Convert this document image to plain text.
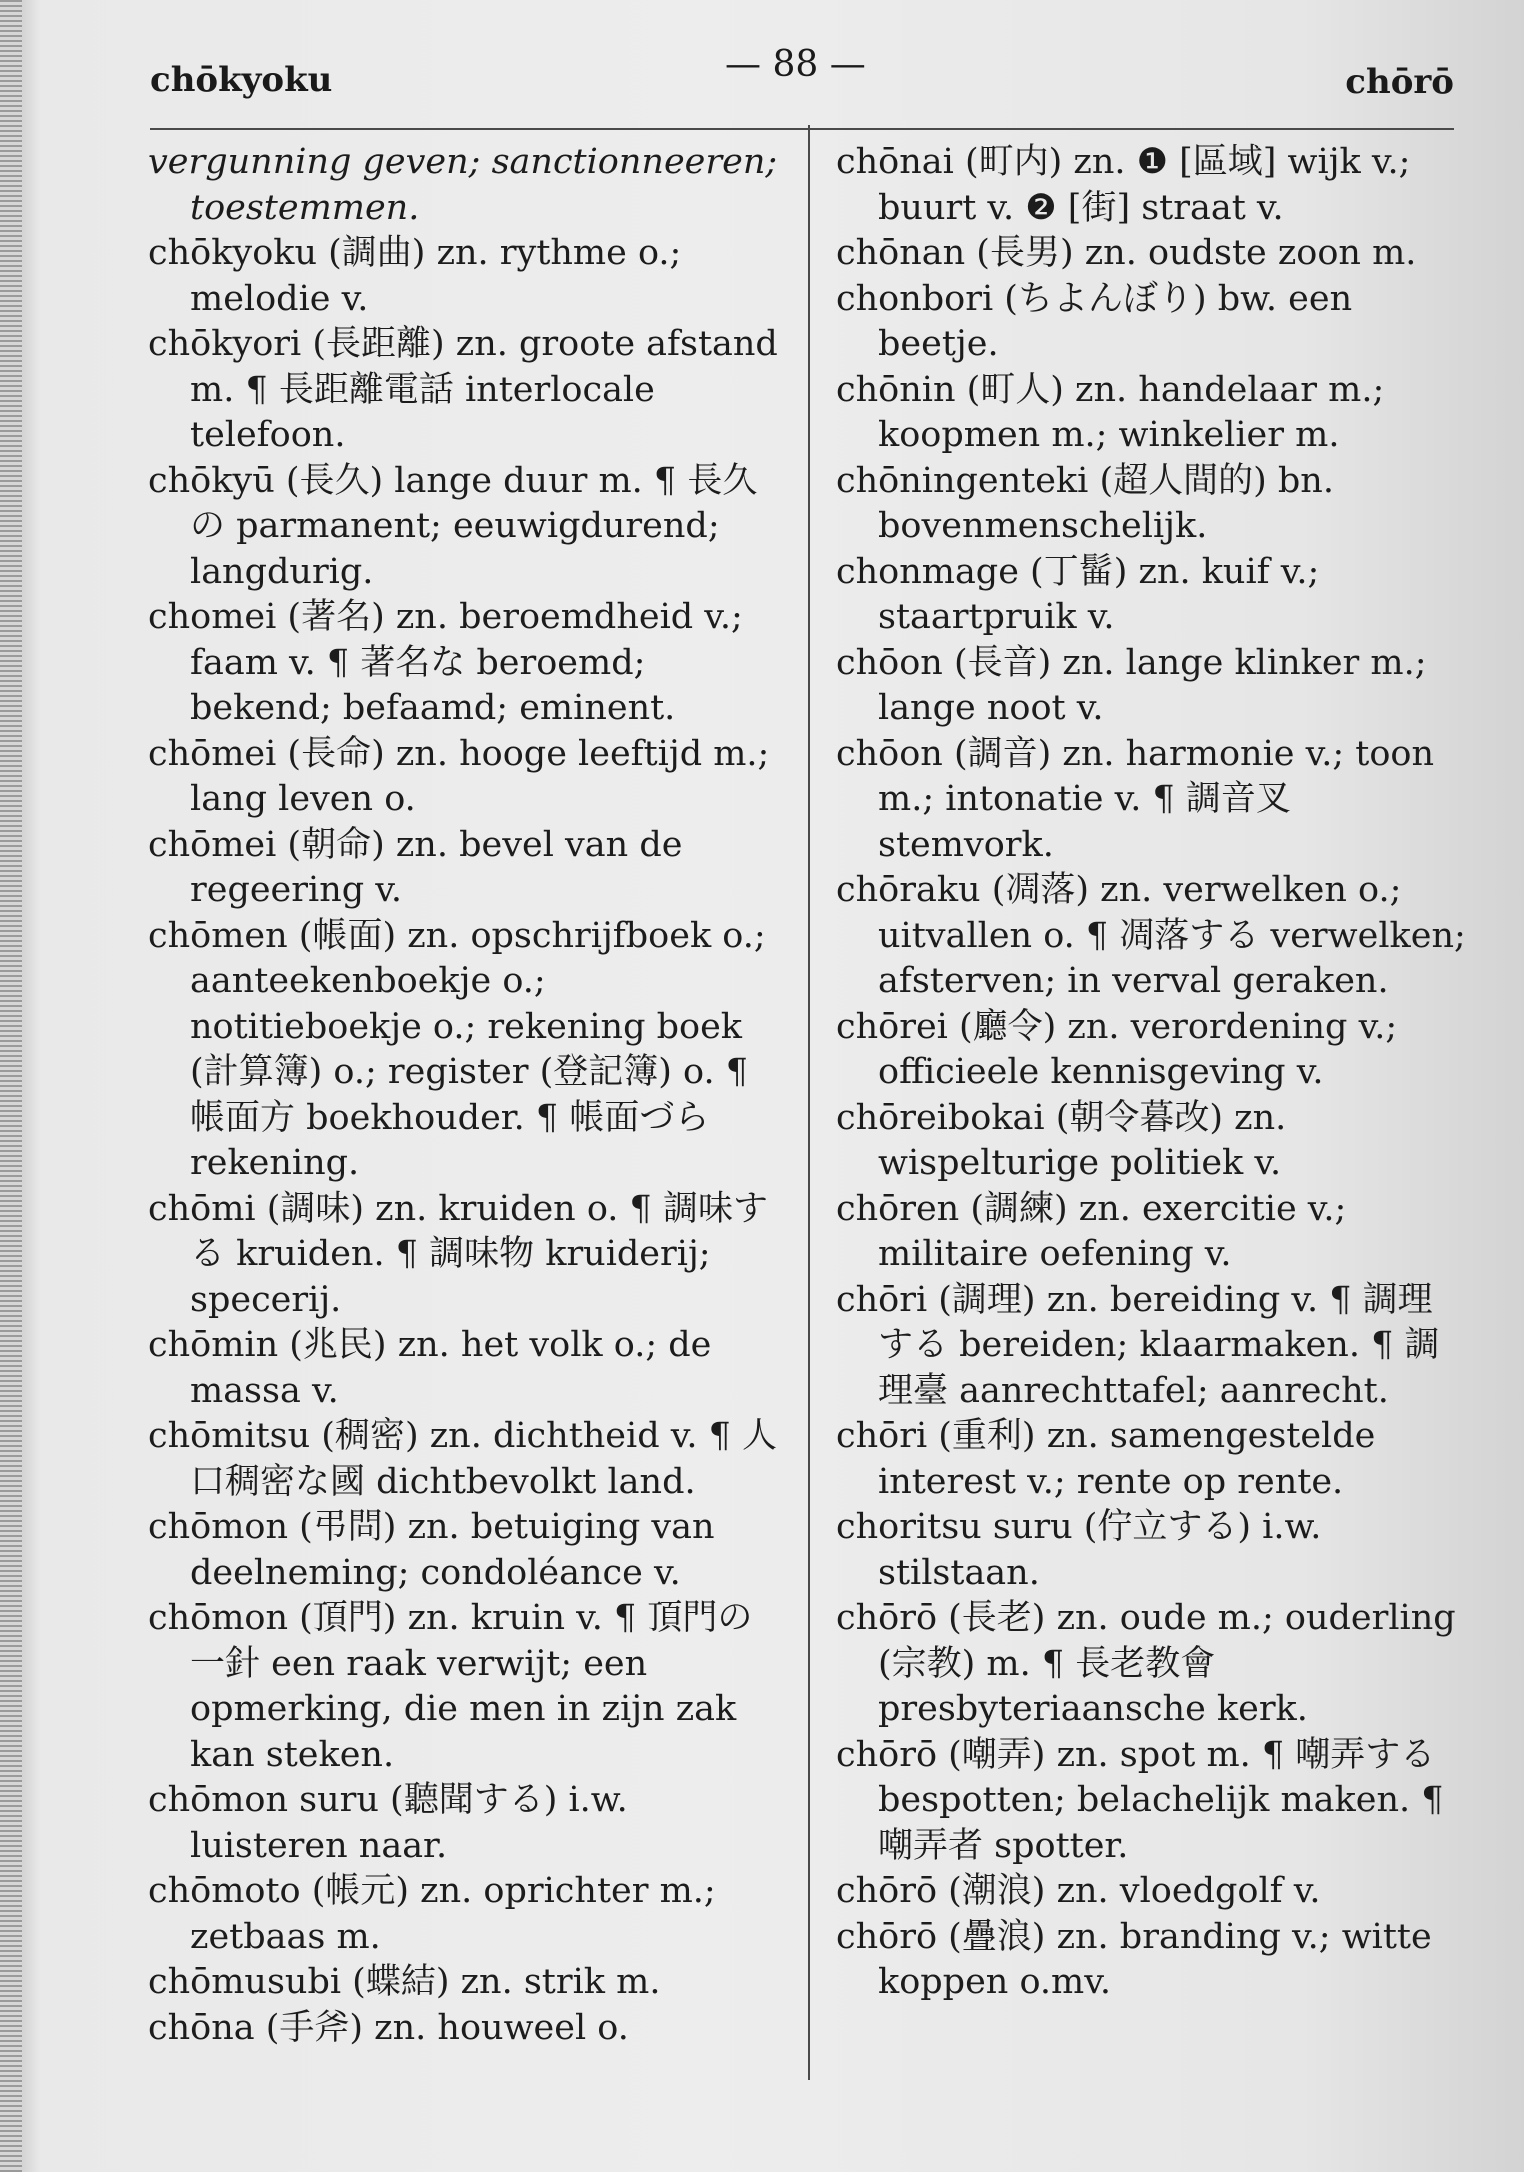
chōkyoku	— 88 —	chōrō
vergunning geven; sanctionneeren; toestemmen.
chōkyoku (調曲) zn. rythme o.; melodie v.
chōkyori (長距離) zn. groote afstand m. ¶ 長距離電話 interlocale telefoon.
chōkyū (長久) lange duur m. ¶ 長久の parmanent; eeuwigdurend; langdurig.
chomei (著名) zn. beroemdheid v.; faam v. ¶ 著名な beroemd; bekend; befaamd; eminent.
chōmei (長命) zn. hooge leeftijd m.; lang leven o.
chōmei (朝命) zn. bevel van de regeering v.
chōmen (帳面) zn. opschrijfboek o.; aanteekenboekje o.; notitieboekje o.; rekening boek (計算簿) o.; register (登記簿) o. ¶ 帳面方 boekhouder. ¶ 帳面づら rekening.
chōmi (調味) zn. kruiden o. ¶ 調味する kruiden. ¶ 調味物 kruiderij; specerij.
chōmin (兆民) zn. het volk o.; de massa v.
chōmitsu (稠密) zn. dichtheid v. ¶ 人口稠密な國 dichtbevolkt land.
chōmon (弔問) zn. betuiging van deelneming; condoléance v.
chōmon (頂門) zn. kruin v. ¶ 頂門の一針 een raak verwijt; een opmerking, die men in zijn zak kan steken.
chōmon suru (聽聞する) i.w. luisteren naar.
chōmoto (帳元) zn. oprichter m.; zetbaas m.
chōmusubi (蝶結) zn. strik m.
chōna (手斧) zn. houweel o.
chōnai (町内) zn. ❶ [區域] wijk v.; buurt v. ❷ [街] straat v.
chōnan (長男) zn. oudste zoon m.
chonbori (ちよんぼり) bw. een beetje.
chōnin (町人) zn. handelaar m.; koopmen m.; winkelier m.
chōningenteki (超人間的) bn. bovenmenschelijk.
chonmage (丁髷) zn. kuif v.; staartpruik v.
chōon (長音) zn. lange klinker m.; lange noot v.
chōon (調音) zn. harmonie v.; toon m.; intonatie v. ¶ 調音叉 stemvork.
chōraku (凋落) zn. verwelken o.; uitvallen o. ¶ 凋落する verwelken; afsterven; in verval geraken.
chōrei (廳令) zn. verordening v.; officieele kennisgeving v.
chōreibokai (朝令暮改) zn. wispelturige politiek v.
chōren (調練) zn. exercitie v.; militaire oefening v.
chōri (調理) zn. bereiding v. ¶ 調理する bereiden; klaarmaken. ¶ 調理臺 aanrechttafel; aanrecht.
chōri (重利) zn. samengestelde interest v.; rente op rente.
choritsu suru (佇立する) i.w. stilstaan.
chōrō (長老) zn. oude m.; ouderling (宗教) m. ¶ 長老教會 presbyteriaansche kerk.
chōrō (嘲弄) zn. spot m. ¶ 嘲弄する bespotten; belachelijk maken. ¶ 嘲弄者 spotter.
chōrō (潮浪) zn. vloedgolf v.
chōrō (疊浪) zn. branding v.; witte koppen o.mv.
